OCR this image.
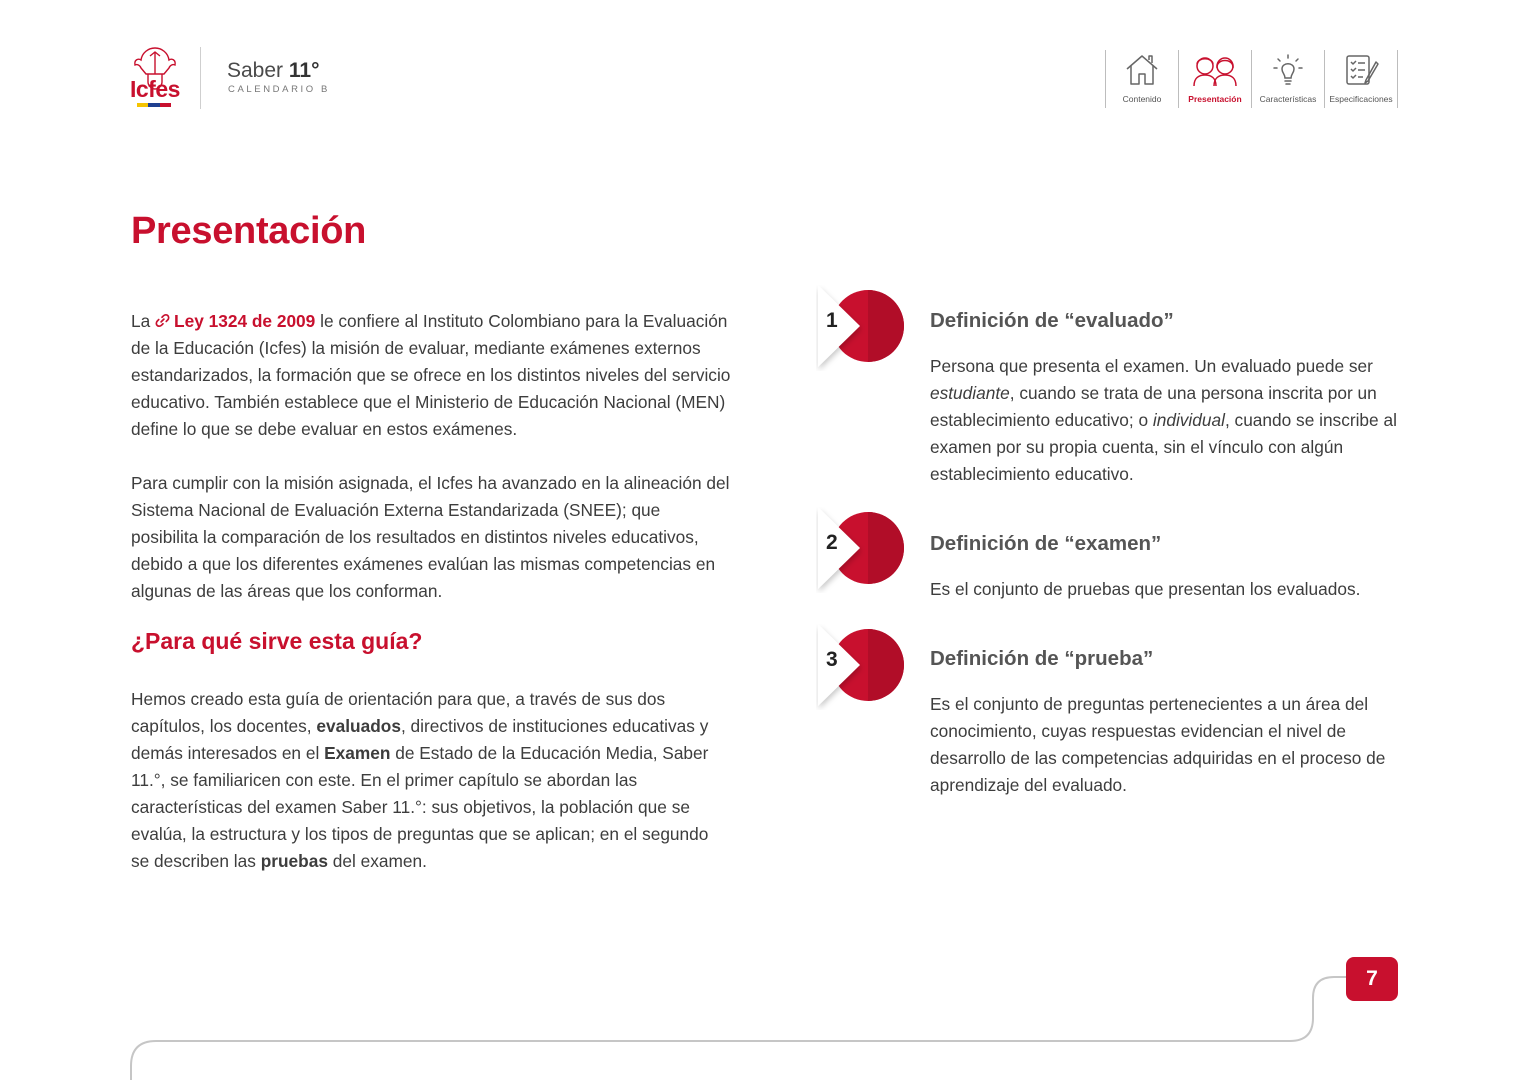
Icfes
Saber 11°
CALENDARIO B
Contenido	Presentación	Características	Especificaciones
Presentación

La Ley 1324 de 2009 le confiere al Instituto Colombiano para la Evaluación de la Educación (Icfes) la misión de evaluar, mediante exámenes externos estandarizados, la formación que se ofrece en los distintos niveles del servicio educativo. También establece que el Ministerio de Educación Nacional (MEN) define lo que se debe evaluar en estos exámenes.

Para cumplir con la misión asignada, el Icfes ha avanzado en la alineación del Sistema Nacional de Evaluación Externa Estandarizada (SNEE); que posibilita la comparación de los resultados en distintos niveles educativos, debido a que los diferentes exámenes evalúan las mismas competencias en algunas de las áreas que los conforman.

¿Para qué sirve esta guía?

Hemos creado esta guía de orientación para que, a través de sus dos capítulos, los docentes, evaluados, directivos de instituciones educativas y demás interesados en el Examen de Estado de la Educación Media, Saber 11.°, se familiaricen con este. En el primer capítulo se abordan las características del examen Saber 11.°: sus objetivos, la población que se evalúa, la estructura y los tipos de preguntas que se aplican; en el segundo se describen las pruebas del examen.

1	Definición de “evaluado”

Persona que presenta el examen. Un evaluado puede ser estudiante, cuando se trata de una persona inscrita por un establecimiento educativo; o individual, cuando se inscribe al examen por su propia cuenta, sin el vínculo con algún establecimiento educativo.

2	Definición de “examen”

Es el conjunto de pruebas que presentan los evaluados.

3	Definición de “prueba”

Es el conjunto de preguntas pertenecientes a un área del conocimiento, cuyas respuestas evidencian el nivel de desarrollo de las competencias adquiridas en el proceso de aprendizaje del evaluado.

7
